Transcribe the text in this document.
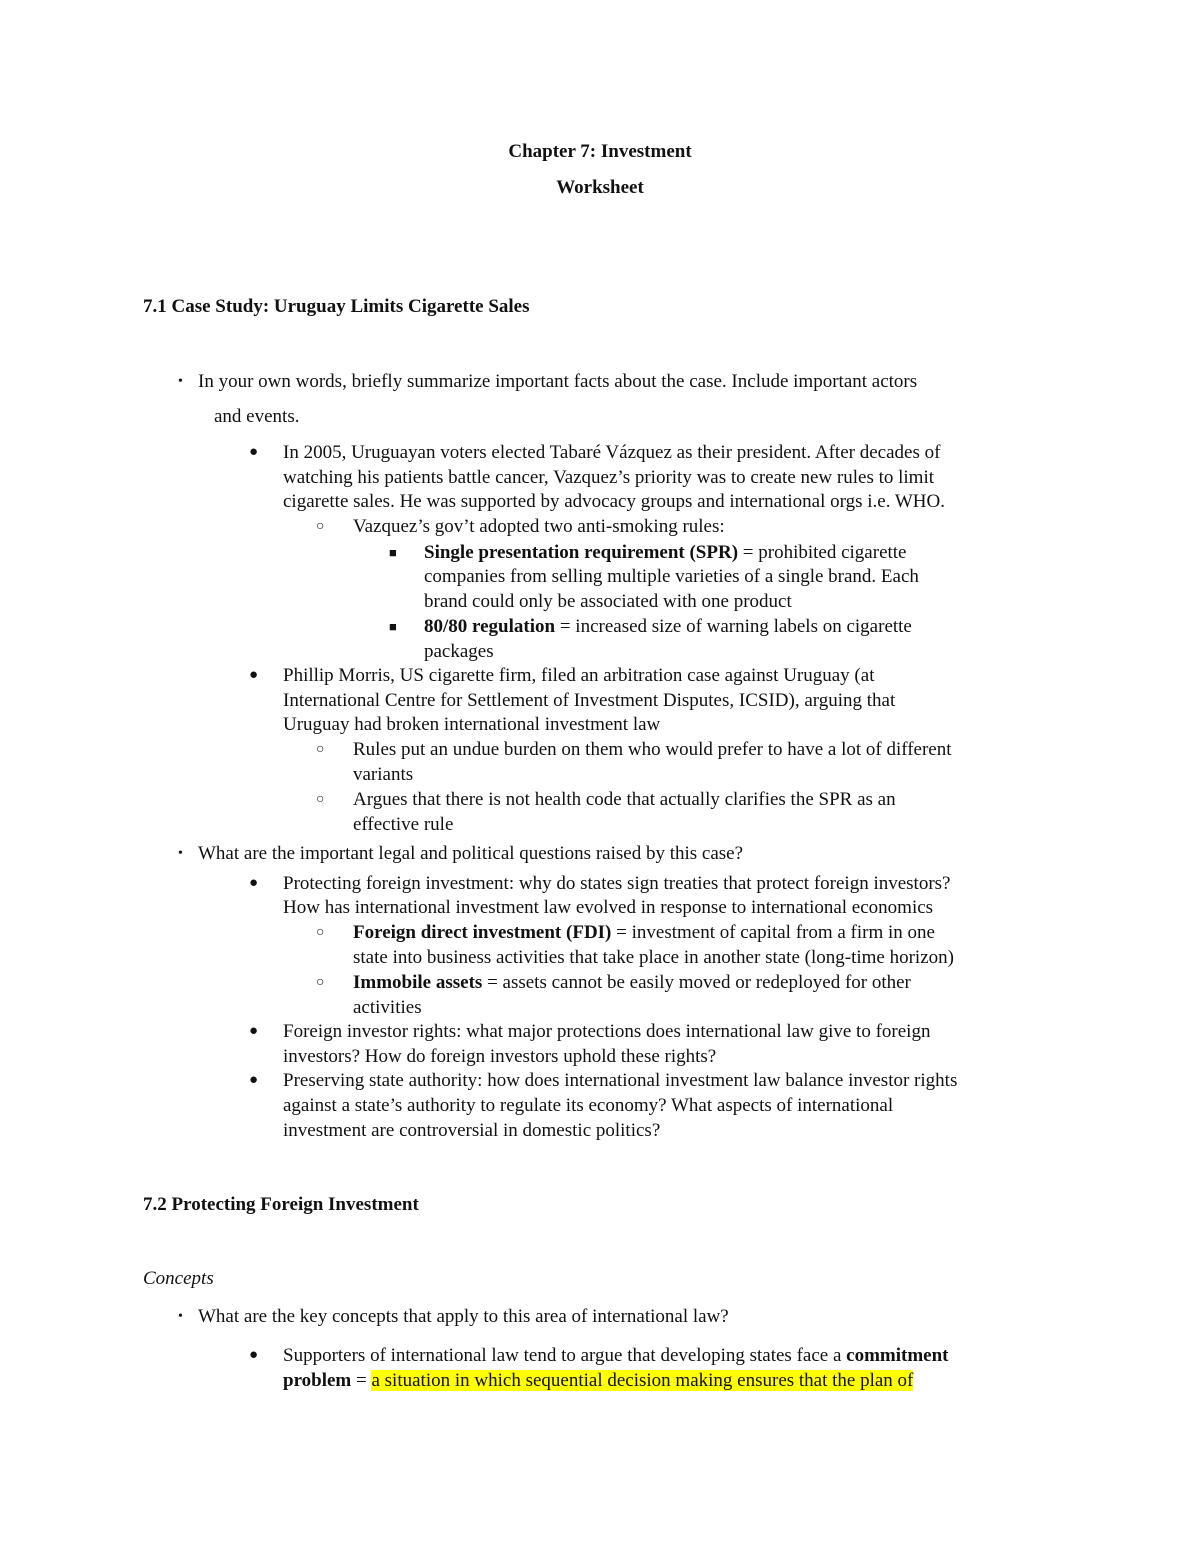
Chapter 7: Investment
Worksheet
7.1 Case Study: Uruguay Limits Cigarette Sales
• In your own words, briefly summarize important facts about the case. Include important actors
and events.
● In 2005, Uruguayan voters elected Tabaré Vázquez as their president. After decades of
watching his patients battle cancer, Vazquez’s priority was to create new rules to limit
cigarette sales. He was supported by advocacy groups and international orgs i.e. WHO.
○ Vazquez’s gov’t adopted two anti-smoking rules:
■ Single presentation requirement (SPR) = prohibited cigarette
companies from selling multiple varieties of a single brand. Each
brand could only be associated with one product
■ 80/80 regulation = increased size of warning labels on cigarette
packages
● Phillip Morris, US cigarette firm, filed an arbitration case against Uruguay (at
International Centre for Settlement of Investment Disputes, ICSID), arguing that
Uruguay had broken international investment law
○ Rules put an undue burden on them who would prefer to have a lot of different
variants
○ Argues that there is not health code that actually clarifies the SPR as an
effective rule
• What are the important legal and political questions raised by this case?
● Protecting foreign investment: why do states sign treaties that protect foreign investors?
How has international investment law evolved in response to international economics
○ Foreign direct investment (FDI) = investment of capital from a firm in one
state into business activities that take place in another state (long-time horizon)
○ Immobile assets = assets cannot be easily moved or redeployed for other
activities
● Foreign investor rights: what major protections does international law give to foreign
investors? How do foreign investors uphold these rights?
● Preserving state authority: how does international investment law balance investor rights
against a state’s authority to regulate its economy? What aspects of international
investment are controversial in domestic politics?
7.2 Protecting Foreign Investment
Concepts
• What are the key concepts that apply to this area of international law?
● Supporters of international law tend to argue that developing states face a commitment
problem = a situation in which sequential decision making ensures that the plan of
